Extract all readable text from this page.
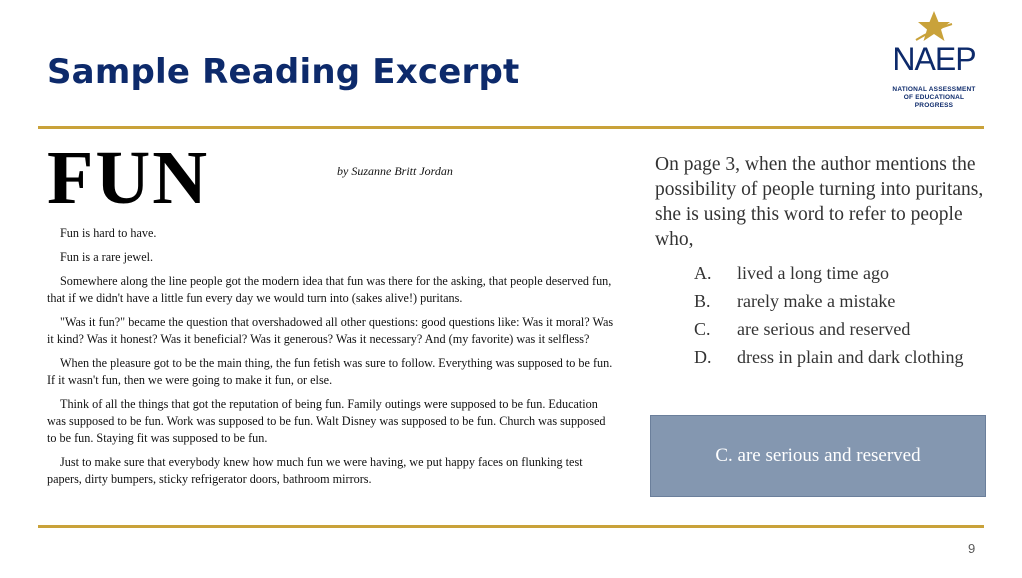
Sample Reading Excerpt	NAEP
NATIONAL ASSESSMENT
OF EDUCATIONAL
PROGRESS
FUN	by Suzanne Britt Jordan

Fun is hard to have.

Fun is a rare jewel.

Somewhere along the line people got the modern idea that fun was there for the asking, that people deserved fun, that if we didn't have a little fun every day we would turn into (sakes alive!) puritans.

"Was it fun?" became the question that overshadowed all other questions: good questions like: Was it moral? Was it kind? Was it honest? Was it beneficial? Was it generous? Was it necessary? And (my favorite) was it selfless?

When the pleasure got to be the main thing, the fun fetish was sure to follow. Everything was supposed to be fun. If it wasn't fun, then we were going to make it fun, or else.

Think of all the things that got the reputation of being fun. Family outings were supposed to be fun. Education was supposed to be fun. Work was supposed to be fun. Walt Disney was supposed to be fun. Church was supposed to be fun. Staying fit was supposed to be fun.

Just to make sure that everybody knew how much fun we were having, we put happy faces on flunking test papers, dirty bumpers, sticky refrigerator doors, bathroom mirrors.

On page 3, when the author mentions the possibility of people turning into puritans, she is using this word to refer to people who,
A. lived a long time ago
B. rarely make a mistake
C. are serious and reserved
D. dress in plain and dark clothing
C. are serious and reserved
9
